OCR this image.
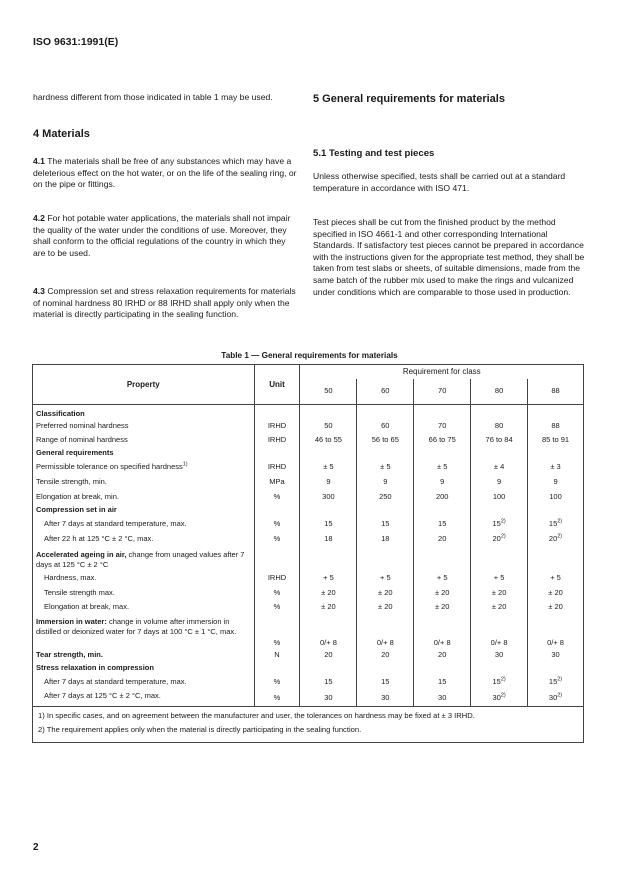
ISO 9631:1991(E)

hardness different from those indicated in table 1 may be used.

4 Materials

4.1 The materials shall be free of any substances which may have a deleterious effect on the hot water, or on the life of the sealing ring, or on the pipe or fittings.

4.2 For hot potable water applications, the materials shall not impair the quality of the water under the conditions of use. Moreover, they shall conform to the official regulations of the country in which they are to be used.

4.3 Compression set and stress relaxation requirements for materials of nominal hardness 80 IRHD or 88 IRHD shall apply only when the material is directly participating in the sealing function.

5 General requirements for materials
5.1 Testing and test pieces

Unless otherwise specified, tests shall be carried out at a standard temperature in accordance with ISO 471.

Test pieces shall be cut from the finished product by the method specified in ISO 4661-1 and other corresponding International Standards. If satisfactory test pieces cannot be prepared in accordance with the instructions given for the appropriate test method, they shall be taken from test slabs or sheets, of suitable dimensions, made from the same batch of the rubber mix used to make the rings and vulcanized under conditions which are comparable to those used in production.

Table 1 — General requirements for materials
Property	Unit	Requirement for class				
		50	60	70	80	88
Classification						
Preferred nominal hardness	IRHD	50	60	70	80	88
Range of nominal hardness	IRHD	46 to 55	56 to 65	66 to 75	76 to 84	85 to 91
General requirements						
Permissible tolerance on specified hardness$^{1)}$	IRHD	± 5	± 5	± 5	± 4	± 3
Tensile strength, min.	MPa	9	9	9	9	9
Elongation at break, min.	%	300	250	200	100	100
Compression set in air						
After 7 days at standard temperature, max.	%	15	15	15	15$^{2)}$	15$^{2)}$
After 22 h at 125 °C ± 2 °C, max.	%	18	18	20	20$^{2)}$	20$^{2)}$
Accelerated ageing in air, change from unaged values after 7 days at 125 °C ± 2 °C						
Hardness, max.	IRHD	+ 5	+ 5	+ 5	+ 5	+ 5
Tensile strength max.	%	± 20	± 20	± 20	± 20	± 20
Elongation at break, max.	%	± 20	± 20	± 20	± 20	± 20
Immersion in water: change in volume after immersion in distilled or deionized water for 7 days at 100 °C ± 1 °C, max.	%	0/+ 8	0/+ 8	0/+ 8	0/+ 8	0/+ 8
Tear strength, min.	N	20	20	20	30	30
Stress relaxation in compression						
After 7 days at standard temperature, max.	%	15	15	15	15$^{2)}$	15$^{2)}$
After 7 days at 125 °C ± 2 °C, max.	%	30	30	30	30$^{2)}$	30$^{2)}$
1) In specific cases, and on agreement between the manufacturer and user, the tolerances on hardness may be fixed at ± 3 IRHD.						
2) The requirement applies only when the material is directly participating in the sealing function.						
2
